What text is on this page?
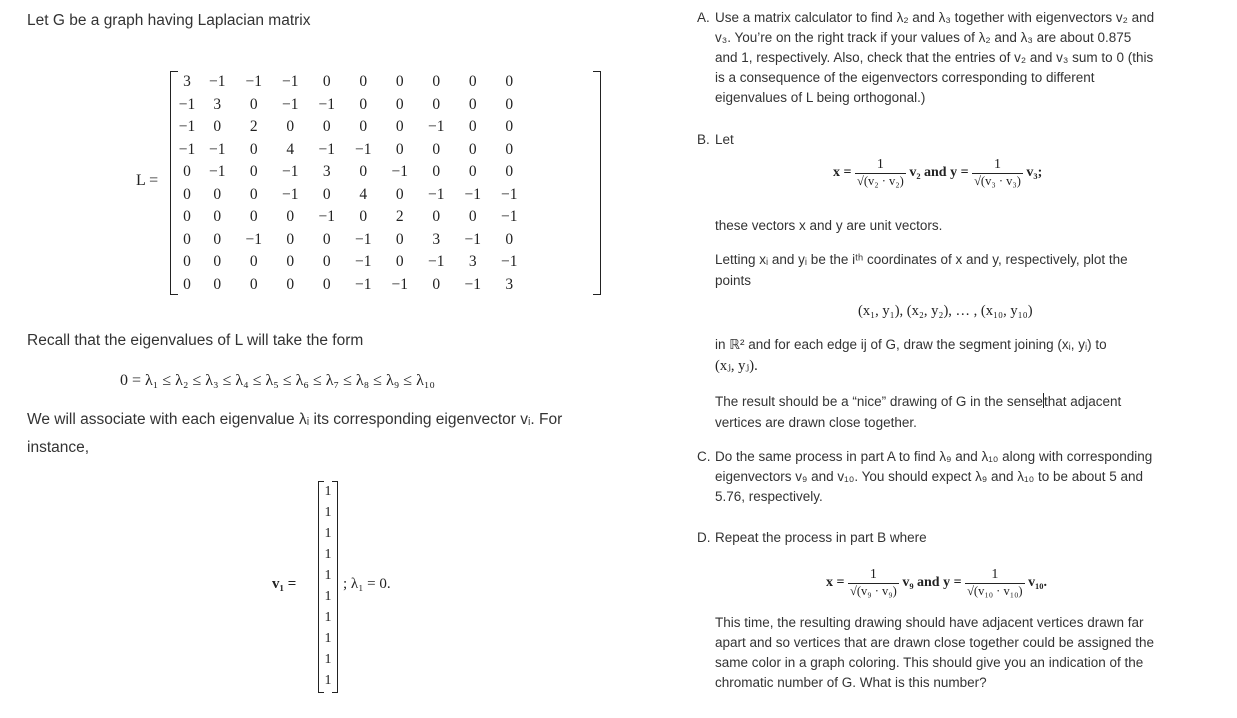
Let G be a graph having Laplacian matrix
L =
3	−1	−1	−1	0	0	0	0	0	0
−1	3	0	−1	−1	0	0	0	0	0
−1	0	2	0	0	0	0	−1	0	0
−1	−1	0	4	−1	−1	0	0	0	0
0	−1	0	−1	3	0	−1	0	0	0
0	0	0	−1	0	4	0	−1	−1	−1
0	0	0	0	−1	0	2	0	0	−1
0	0	−1	0	0	−1	0	3	−1	0
0	0	0	0	0	−1	0	−1	3	−1
0	0	0	0	0	−1	−1	0	−1	3
Recall that the eigenvalues of L will take the form
0 = λ₁ ≤ λ₂ ≤ λ₃ ≤ λ₄ ≤ λ₅ ≤ λ₆ ≤ λ₇ ≤ λ₈ ≤ λ₉ ≤ λ₁₀
We will associate with each eigenvalue λᵢ its corresponding eigenvector vᵢ. For
instance,
v₁ =
1
1
1
1
1
1
1
1
1
1
; λ₁ = 0.
A. Use a matrix calculator to find λ₂ and λ₃ together with eigenvectors v₂ and
v₃. You’re on the right track if your values of λ₂ and λ₃ are about 0.875
and 1, respectively. Also, check that the entries of v₂ and v₃ sum to 0 (this
is a consequence of the eigenvectors corresponding to different
eigenvalues of L being orthogonal.)
B. Let
$x = \frac{1}{\text{√(v₂ · v₂)}} v_2$ and $y = \frac{1}{\text{√(v₃ · v₃)}} v_3$;
these vectors x and y are unit vectors.
Letting xᵢ and yᵢ be the iᵗʰ coordinates of x and y, respectively, plot the
points
(x₁, y₁), (x₂, y₂), … , (x₁₀, y₁₀)
in ℝ² and for each edge ij of G, draw the segment joining (xᵢ, yᵢ) to
(xⱼ, yⱼ).
The result should be a “nice” drawing of G in the sensethat adjacent
vertices are drawn close together.
C. Do the same process in part A to find λ₉ and λ₁₀ along with corresponding
eigenvectors v₉ and v₁₀. You should expect λ₉ and λ₁₀ to be about 5 and
5.76, respectively.
D. Repeat the process in part B where
$x = \frac{1}{\text{√(v₉ · v₉)}} v_9$ and $y = \frac{1}{\text{√(v₁₀ · v₁₀)}} v_{10}$.
This time, the resulting drawing should have adjacent vertices drawn far
apart and so vertices that are drawn close together could be assigned the
same color in a graph coloring. This should give you an indication of the
chromatic number of G. What is this number?
